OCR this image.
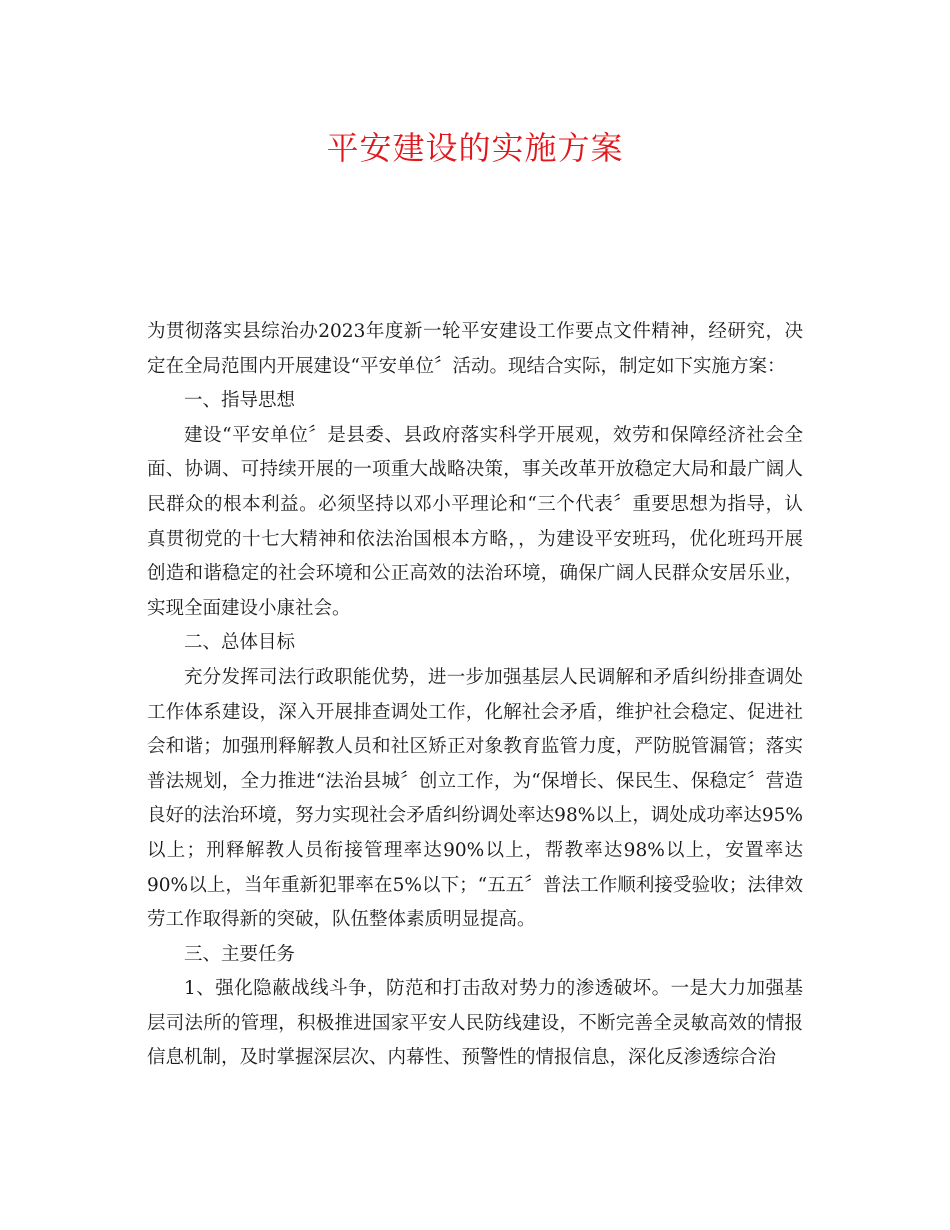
平安建设的实施方案

为贯彻落实县综治办2023年度新一轮平安建设工作要点文件精神，经研究，决定在全局范围内开展建设“平安单位〞活动。现结合实际，制定如下实施方案：

一、指导思想

建设“平安单位〞是县委、县政府落实科学开展观，效劳和保障经济社会全面、协调、可持续开展的一项重大战略决策，事关改革开放稳定大局和最广阔人民群众的根本利益。必须坚持以邓小平理论和“三个代表〞重要思想为指导，认真贯彻党的十七大精神和依法治国根本方略，，为建设平安班玛，优化班玛开展创造和谐稳定的社会环境和公正高效的法治环境，确保广阔人民群众安居乐业，实现全面建设小康社会。

二、总体目标

充分发挥司法行政职能优势，进一步加强基层人民调解和矛盾纠纷排查调处工作体系建设，深入开展排查调处工作，化解社会矛盾，维护社会稳定、促进社会和谐；加强刑释解教人员和社区矫正对象教育监管力度，严防脱管漏管；落实普法规划，全力推进“法治县城〞创立工作，为“保增长、保民生、保稳定〞营造良好的法治环境，努力实现社会矛盾纠纷调处率达98%以上，调处成功率达95%以上；刑释解教人员衔接管理率达90%以上，帮教率达98%以上，安置率达90%以上，当年重新犯罪率在5%以下；“五五〞普法工作顺利接受验收；法律效劳工作取得新的突破，队伍整体素质明显提高。

三、主要任务

1、强化隐蔽战线斗争，防范和打击敌对势力的渗透破坏。一是大力加强基层司法所的管理，积极推进国家平安人民防线建设，不断完善全灵敏高效的情报信息机制，及时掌握深层次、内幕性、预警性的情报信息，深化反渗透综合治
